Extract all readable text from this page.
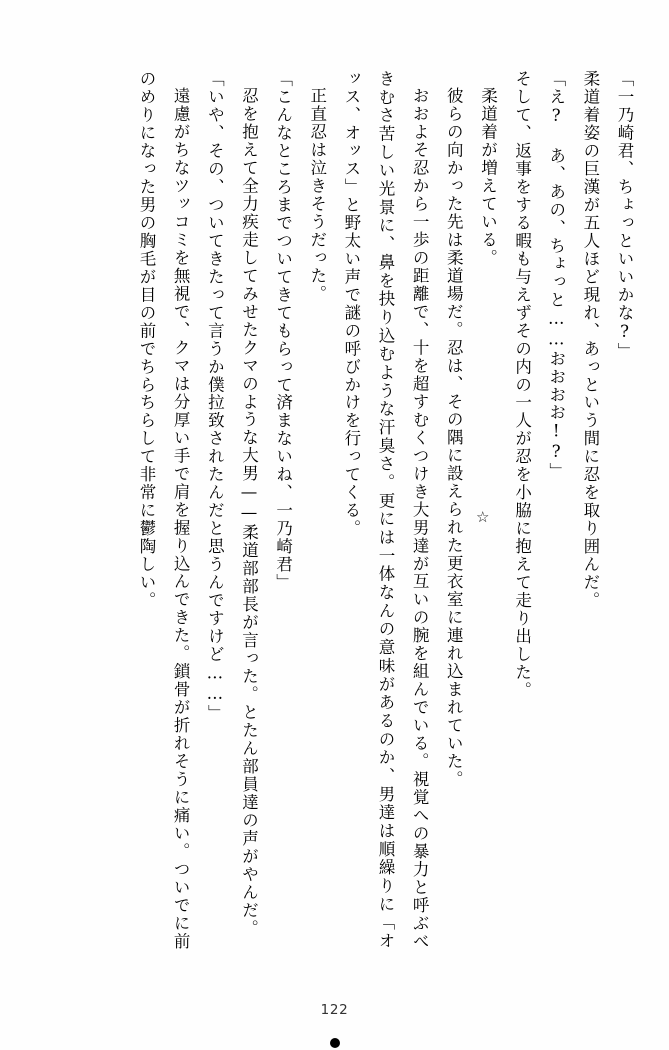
「一乃崎君、ちょっといいかな?」

柔道着姿の巨漢が五人ほど現れ、あっという間に忍を取り囲んだ。

「え? あ、あの、ちょっと……おおおお!?」

そして、返事をする暇も与えずその内の一人が忍を小脇に抱えて走り出した。

柔道着が増えている。

彼らの向かった先は柔道場だ。忍は、その隅に設えられた更衣室に連れ込まれていた。

おおよそ忍から一歩の距離で、十を超すむくつけき大男達が互いの腕を組んでいる。視覚への暴力と呼ぶべきむさ苦しい光景に、鼻を抉り込むような汗臭さ。更には一体なんの意味があるのか、男達は順繰りに「オッス、オッス」と野太い声で謎の呼びかけを行ってくる。

正直忍は泣きそうだった。

「こんなところまでついてきてもらって済まないね、一乃崎君」

忍を抱えて全力疾走してみせたクマのような大男——柔道部部長が言った。とたん部員達の声がやんだ。

「いや、その、ついてきたって言うか僕拉致されたんだと思うんですけど……」

遠慮がちなツッコミを無視で、クマは分厚い手で肩を握り込んできた。鎖骨が折れそうに痛い。ついでに前のめりになった男の胸毛が目の前でちらちらして非常に鬱陶しい。	☆
122
